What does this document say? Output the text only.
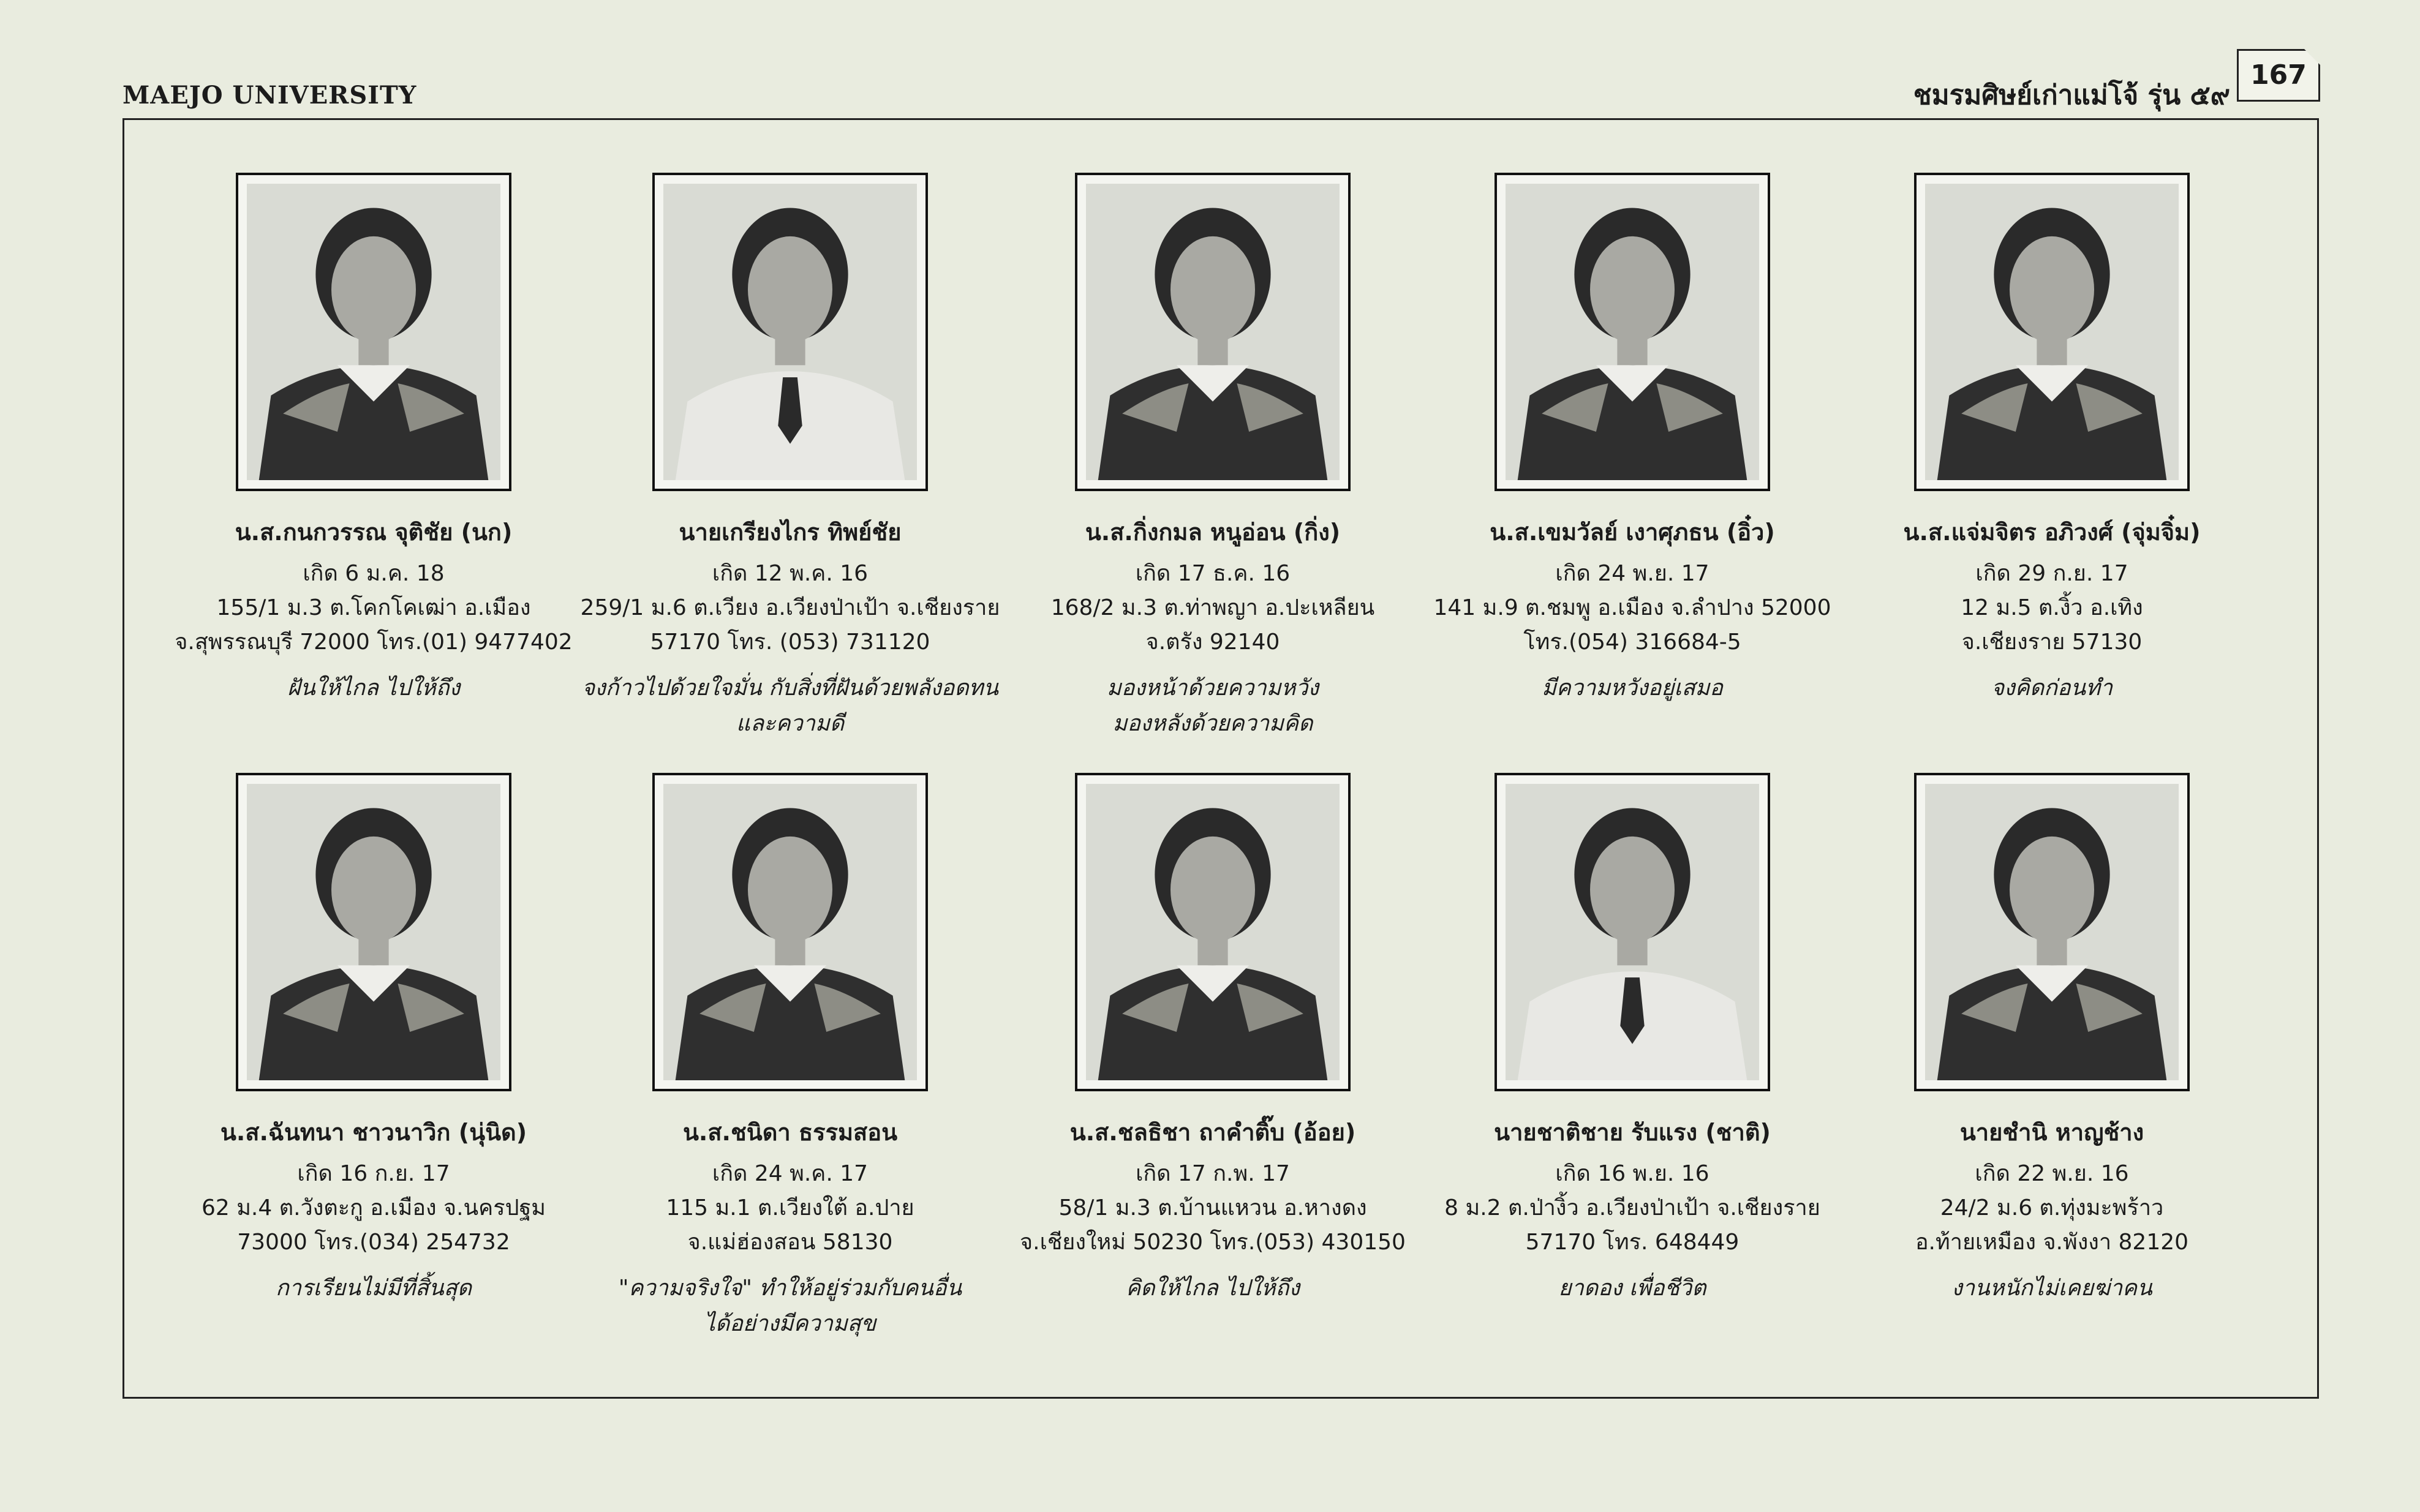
MAEJO UNIVERSITY	ชมรมศิษย์เก่าแม่โจ้ รุ่น ๕๙
167
น.ส.กนกวรรณ จุติชัย (นก)
เกิด 6 ม.ค. 18
155/1 ม.3 ต.โคกโคเฒ่า อ.เมือง
จ.สุพรรณบุรี 72000 โทร.(01) 9477402
ฝันให้ไกล ไปให้ถึง
นายเกรียงไกร ทิพย์ชัย
เกิด 12 พ.ค. 16
259/1 ม.6 ต.เวียง อ.เวียงป่าเป้า จ.เชียงราย
57170 โทร. (053) 731120
จงก้าวไปด้วยใจมั่น กับสิ่งที่ฝันด้วยพลังอดทน
และความดี
น.ส.กิ่งกมล หนูอ่อน (กิ่ง)
เกิด 17 ธ.ค. 16
168/2 ม.3 ต.ท่าพญา อ.ปะเหลียน
จ.ตรัง 92140
มองหน้าด้วยความหวัง
มองหลังด้วยความคิด
น.ส.เขมวัลย์ เงาศุภธน (อิ๋ว)
เกิด 24 พ.ย. 17
141 ม.9 ต.ชมพู อ.เมือง จ.ลำปาง 52000
โทร.(054) 316684-5
มีความหวังอยู่เสมอ
น.ส.แจ่มจิตร อภิวงศ์ (จุ่มจิ๋ม)
เกิด 29 ก.ย. 17
12 ม.5 ต.งิ้ว อ.เทิง
จ.เชียงราย 57130
จงคิดก่อนทำ
น.ส.ฉันทนา ชาวนาวิก (นุ่นิด)
เกิด 16 ก.ย. 17
62 ม.4 ต.วังตะกู อ.เมือง จ.นครปฐม
73000 โทร.(034) 254732
การเรียนไม่มีที่สิ้นสุด
น.ส.ชนิดา ธรรมสอน
เกิด 24 พ.ค. 17
115 ม.1 ต.เวียงใต้ อ.ปาย
จ.แม่ฮ่องสอน 58130
"ความจริงใจ" ทำให้อยู่ร่วมกับคนอื่น
ได้อย่างมีความสุข
น.ส.ชลธิชา ถาคำติ๊บ (อ้อย)
เกิด 17 ก.พ. 17
58/1 ม.3 ต.บ้านแหวน อ.หางดง
จ.เชียงใหม่ 50230 โทร.(053) 430150
คิดให้ไกล ไปให้ถึง
นายชาติชาย รับแรง (ชาติ)
เกิด 16 พ.ย. 16
8 ม.2 ต.ป่างิ้ว อ.เวียงป่าเป้า จ.เชียงราย
57170 โทร. 648449
ยาดอง เพื่อชีวิต
นายชำนิ หาญช้าง
เกิด 22 พ.ย. 16
24/2 ม.6 ต.ทุ่งมะพร้าว
อ.ท้ายเหมือง จ.พังงา 82120
งานหนักไม่เคยฆ่าคน
